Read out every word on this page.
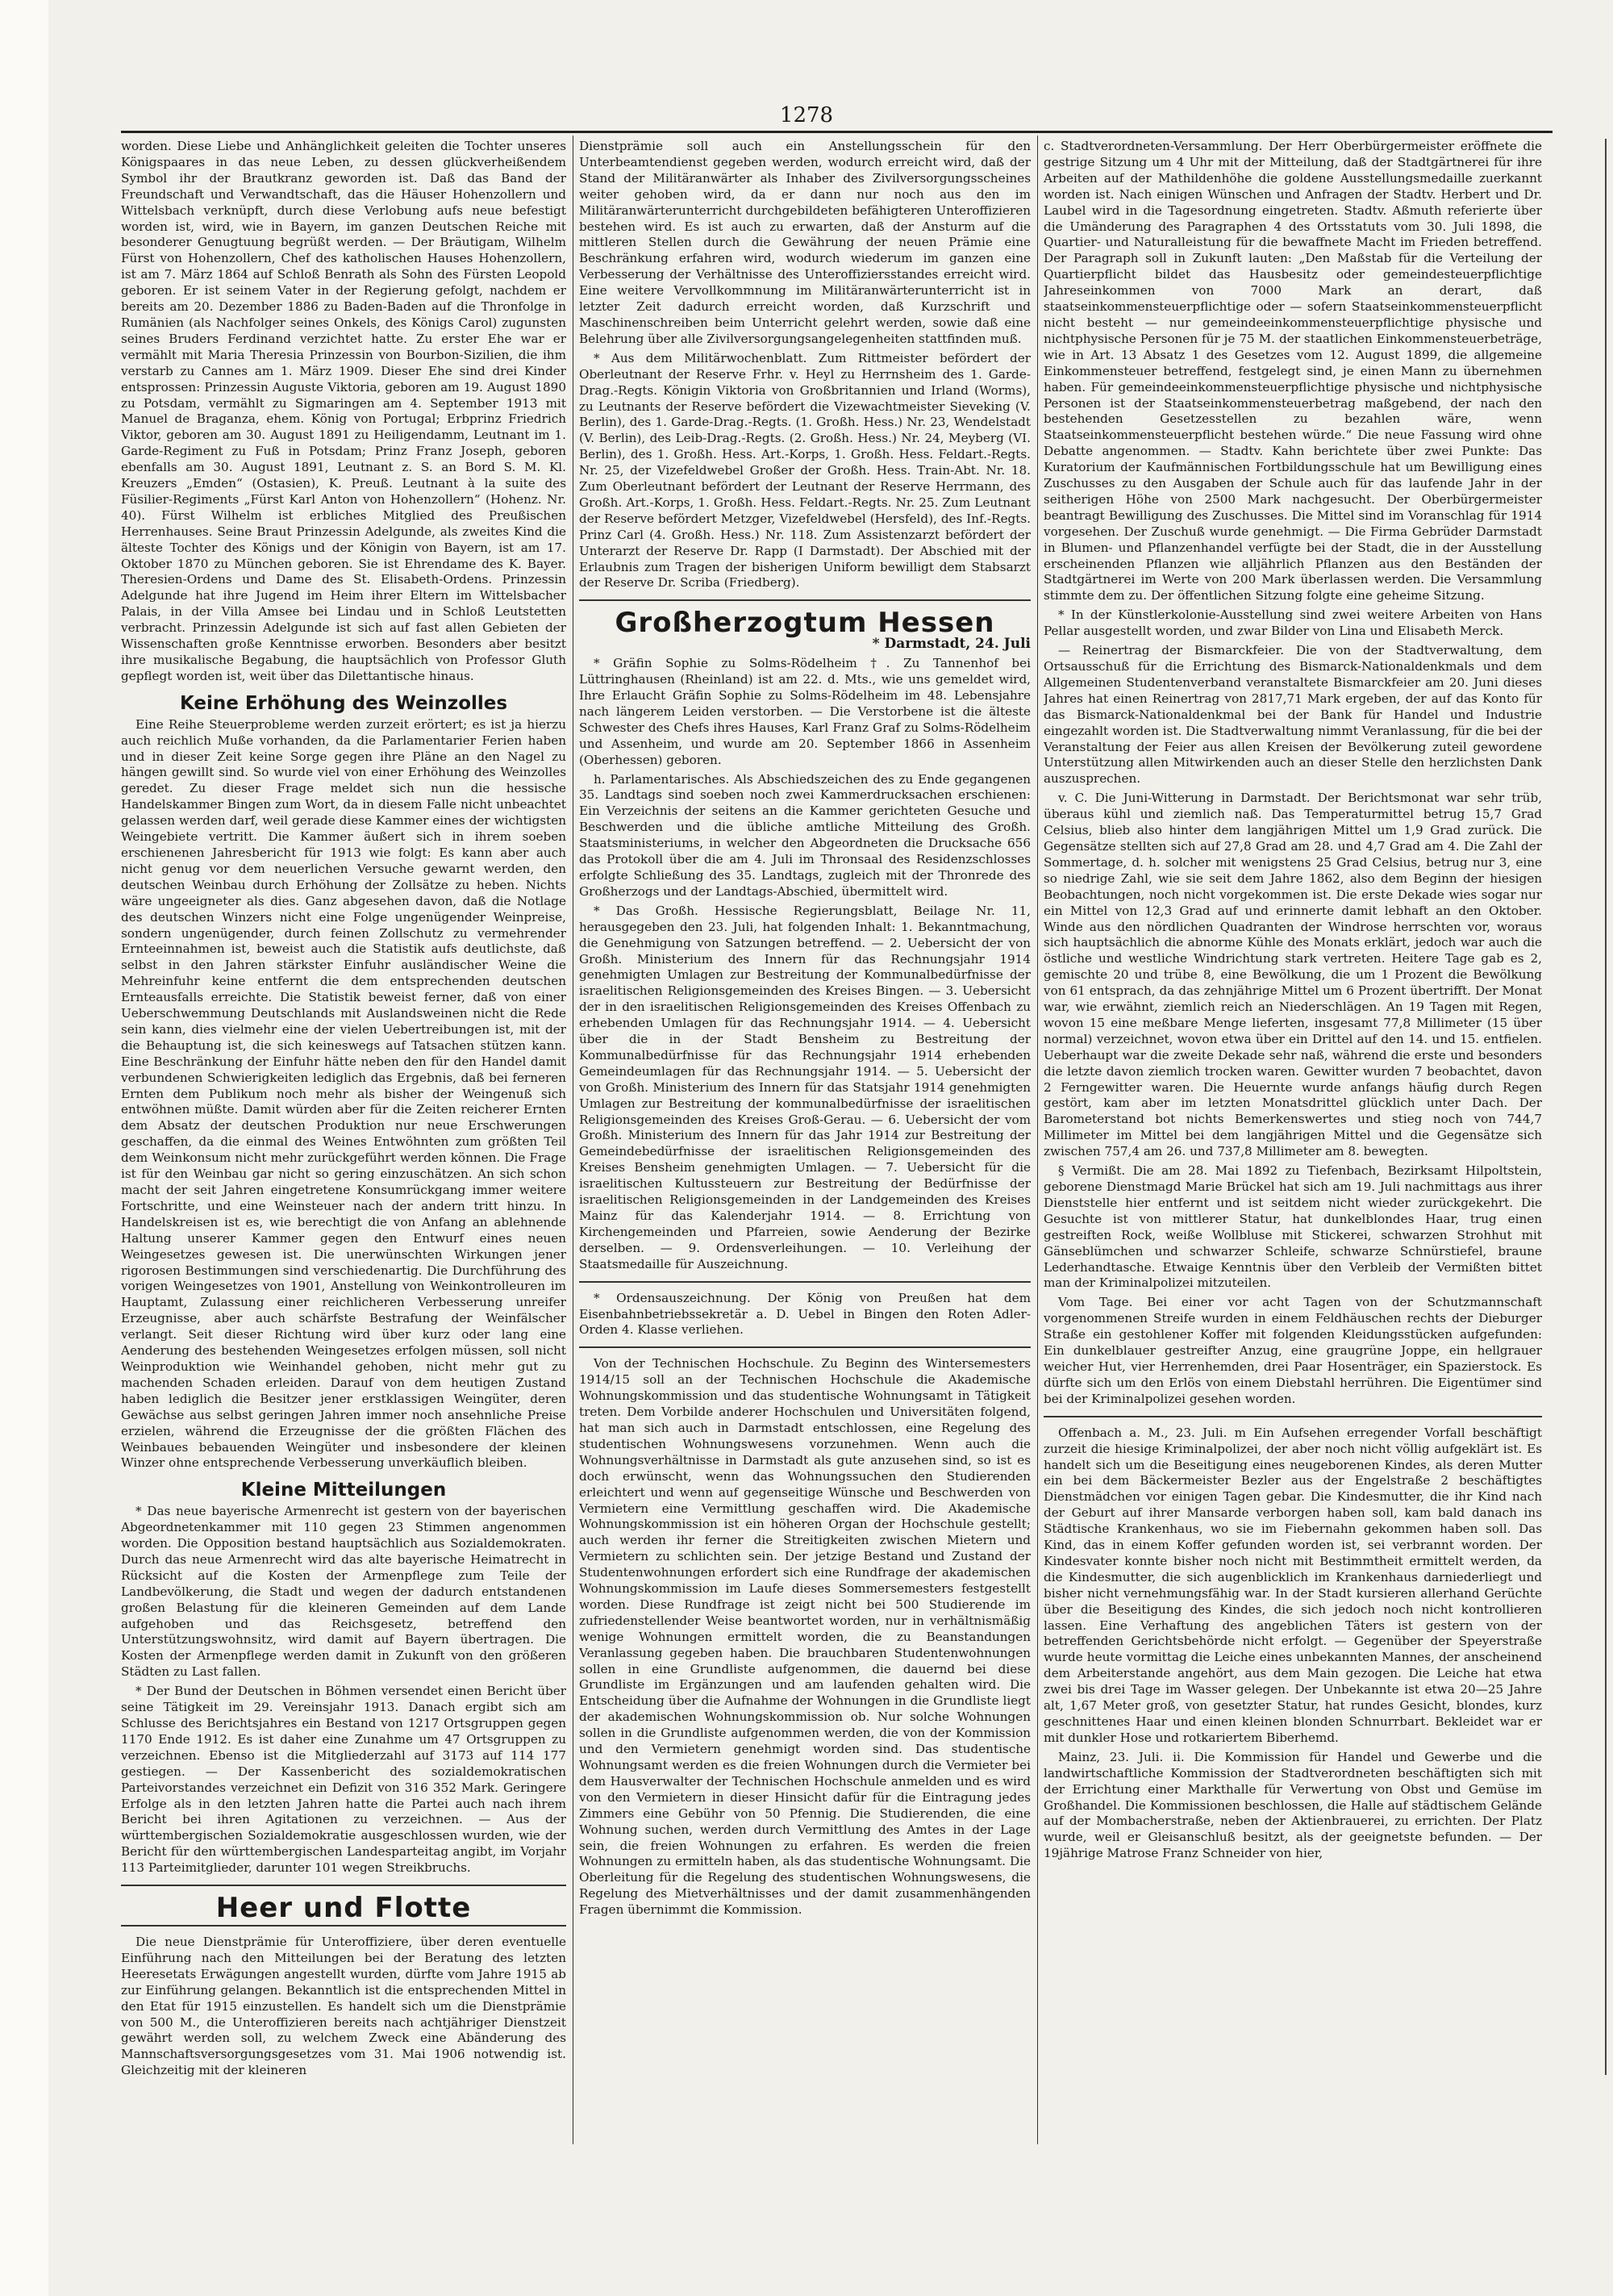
1278

worden. Diese Liebe und Anhänglichkeit geleiten die Tochter unseres Königspaares in das neue Leben, zu dessen glückverheißendem Symbol ihr der Brautkranz geworden ist. Daß das Band der Freundschaft und Verwandtschaft, das die Häuser Hohenzollern und Wittelsbach verknüpft, durch diese Verlobung aufs neue befestigt worden ist, wird, wie in Bayern, im ganzen Deutschen Reiche mit besonderer Genugtuung begrüßt werden. — Der Bräutigam, Wilhelm Fürst von Hohenzollern, Chef des katholischen Hauses Hohenzollern, ist am 7. März 1864 auf Schloß Benrath als Sohn des Fürsten Leopold geboren. Er ist seinem Vater in der Regierung gefolgt, nachdem er bereits am 20. Dezember 1886 zu Baden-Baden auf die Thronfolge in Rumänien (als Nachfolger seines Onkels, des Königs Carol) zugunsten seines Bruders Ferdinand verzichtet hatte. Zu erster Ehe war er vermählt mit Maria Theresia Prinzessin von Bourbon-Sizilien, die ihm verstarb zu Cannes am 1. März 1909. Dieser Ehe sind drei Kinder entsprossen: Prinzessin Auguste Viktoria, geboren am 19. August 1890 zu Potsdam, vermählt zu Sigmaringen am 4. September 1913 mit Manuel de Braganza, ehem. König von Portugal; Erbprinz Friedrich Viktor, geboren am 30. August 1891 zu Heiligendamm, Leutnant im 1. Garde-Regiment zu Fuß in Potsdam; Prinz Franz Joseph, geboren ebenfalls am 30. August 1891, Leutnant z. S. an Bord S. M. Kl. Kreuzers „Emden“ (Ostasien), K. Preuß. Leutnant à la suite des Füsilier-Regiments „Fürst Karl Anton von Hohenzollern“ (Hohenz. Nr. 40). Fürst Wilhelm ist erbliches Mitglied des Preußischen Herrenhauses. Seine Braut Prinzessin Adelgunde, als zweites Kind die älteste Tochter des Königs und der Königin von Bayern, ist am 17. Oktober 1870 zu München geboren. Sie ist Ehrendame des K. Bayer. Theresien-Ordens und Dame des St. Elisabeth-Ordens. Prinzessin Adelgunde hat ihre Jugend im Heim ihrer Eltern im Wittelsbacher Palais, in der Villa Amsee bei Lindau und in Schloß Leutstetten verbracht. Prinzessin Adelgunde ist sich auf fast allen Gebieten der Wissenschaften große Kenntnisse erworben. Besonders aber besitzt ihre musikalische Begabung, die hauptsächlich von Professor Gluth gepflegt worden ist, weit über das Dilettantische hinaus.

Keine Erhöhung des Weinzolles

Eine Reihe Steuerprobleme werden zurzeit erörtert; es ist ja hierzu auch reichlich Muße vorhanden, da die Parlamentarier Ferien haben und in dieser Zeit keine Sorge gegen ihre Pläne an den Nagel zu hängen gewillt sind. So wurde viel von einer Erhöhung des Weinzolles geredet. Zu dieser Frage meldet sich nun die hessische Handelskammer Bingen zum Wort, da in diesem Falle nicht unbeachtet gelassen werden darf, weil gerade diese Kammer eines der wichtigsten Weingebiete vertritt. Die Kammer äußert sich in ihrem soeben erschienenen Jahresbericht für 1913 wie folgt: Es kann aber auch nicht genug vor dem neuerlichen Versuche gewarnt werden, den deutschen Weinbau durch Erhöhung der Zollsätze zu heben. Nichts wäre ungeeigneter als dies. Ganz abgesehen davon, daß die Notlage des deutschen Winzers nicht eine Folge ungenügender Weinpreise, sondern ungenügender, durch feinen Zollschutz zu vermehrender Ernteeinnahmen ist, beweist auch die Statistik aufs deutlichste, daß selbst in den Jahren stärkster Einfuhr ausländischer Weine die Mehreinfuhr keine entfernt die dem entsprechenden deutschen Ernteausfalls erreichte. Die Statistik beweist ferner, daß von einer Ueberschwemmung Deutschlands mit Auslandsweinen nicht die Rede sein kann, dies vielmehr eine der vielen Uebertreibungen ist, mit der die Behauptung ist, die sich keineswegs auf Tatsachen stützen kann. Eine Beschränkung der Einfuhr hätte neben den für den Handel damit verbundenen Schwierigkeiten lediglich das Ergebnis, daß bei ferneren Ernten dem Publikum noch mehr als bisher der Weingenuß sich entwöhnen müßte. Damit würden aber für die Zeiten reicherer Ernten dem Absatz der deutschen Produktion nur neue Erschwerungen geschaffen, da die einmal des Weines Entwöhnten zum größten Teil dem Weinkonsum nicht mehr zurückgeführt werden können. Die Frage ist für den Weinbau gar nicht so gering einzuschätzen. An sich schon macht der seit Jahren eingetretene Konsumrückgang immer weitere Fortschritte, und eine Weinsteuer nach der andern tritt hinzu. In Handelskreisen ist es, wie berechtigt die von Anfang an ablehnende Haltung unserer Kammer gegen den Entwurf eines neuen Weingesetzes gewesen ist. Die unerwünschten Wirkungen jener rigorosen Bestimmungen sind verschiedenartig. Die Durchführung des vorigen Weingesetzes von 1901, Anstellung von Weinkontrolleuren im Hauptamt, Zulassung einer reichlicheren Verbesserung unreifer Erzeugnisse, aber auch schärfste Bestrafung der Weinfälscher verlangt. Seit dieser Richtung wird über kurz oder lang eine Aenderung des bestehenden Weingesetzes erfolgen müssen, soll nicht Weinproduktion wie Weinhandel gehoben, nicht mehr gut zu machenden Schaden erleiden. Darauf von dem heutigen Zustand haben lediglich die Besitzer jener erstklassigen Weingüter, deren Gewächse aus selbst geringen Jahren immer noch ansehnliche Preise erzielen, während die Erzeugnisse der die größten Flächen des Weinbaues bebauenden Weingüter und insbesondere der kleinen Winzer ohne entsprechende Verbesserung unverkäuflich bleiben.

Kleine Mitteilungen

* Das neue bayerische Armenrecht ist gestern von der bayerischen Abgeordnetenkammer mit 110 gegen 23 Stimmen angenommen worden. Die Opposition bestand hauptsächlich aus Sozialdemokraten. Durch das neue Armenrecht wird das alte bayerische Heimatrecht in Rücksicht auf die Kosten der Armenpflege zum Teile der Landbevölkerung, die Stadt und wegen der dadurch entstandenen großen Belastung für die kleineren Gemeinden auf dem Lande aufgehoben und das Reichsgesetz, betreffend den Unterstützungswohnsitz, wird damit auf Bayern übertragen. Die Kosten der Armenpflege werden damit in Zukunft von den größeren Städten zu Last fallen.

* Der Bund der Deutschen in Böhmen versendet einen Bericht über seine Tätigkeit im 29. Vereinsjahr 1913. Danach ergibt sich am Schlusse des Berichtsjahres ein Bestand von 1217 Ortsgruppen gegen 1170 Ende 1912. Es ist daher eine Zunahme um 47 Ortsgruppen zu verzeichnen. Ebenso ist die Mitgliederzahl auf 3173 auf 114 177 gestiegen. — Der Kassenbericht des sozialdemokratischen Parteivorstandes verzeichnet ein Defizit von 316 352 Mark. Geringere Erfolge als in den letzten Jahren hatte die Partei auch nach ihrem Bericht bei ihren Agitationen zu verzeichnen. — Aus der württembergischen Sozialdemokratie ausgeschlossen wurden, wie der Bericht für den württembergischen Landesparteitag angibt, im Vorjahr 113 Parteimitglieder, darunter 101 wegen Streikbruchs.

Heer und Flotte

Die neue Dienstprämie für Unteroffiziere, über deren eventuelle Einführung nach den Mitteilungen bei der Beratung des letzten Heeresetats Erwägungen angestellt wurden, dürfte vom Jahre 1915 ab zur Einführung gelangen. Bekanntlich ist die entsprechenden Mittel in den Etat für 1915 einzustellen. Es handelt sich um die Dienstprämie von 500 M., die Unteroffizieren bereits nach achtjähriger Dienstzeit gewährt werden soll, zu welchem Zweck eine Abänderung des Mannschaftsversorgungsgesetzes vom 31. Mai 1906 notwendig ist. Gleichzeitig mit der kleineren

Dienstprämie soll auch ein Anstellungsschein für den Unterbeamtendienst gegeben werden, wodurch erreicht wird, daß der Stand der Militäranwärter als Inhaber des Zivilversorgungsscheines weiter gehoben wird, da er dann nur noch aus den im Militäranwärterunterricht durchgebildeten befähigteren Unteroffizieren bestehen wird. Es ist auch zu erwarten, daß der Ansturm auf die mittleren Stellen durch die Gewährung der neuen Prämie eine Beschränkung erfahren wird, wodurch wiederum im ganzen eine Verbesserung der Verhältnisse des Unteroffiziersstandes erreicht wird. Eine weitere Vervollkommnung im Militäranwärterunterricht ist in letzter Zeit dadurch erreicht worden, daß Kurzschrift und Maschinenschreiben beim Unterricht gelehrt werden, sowie daß eine Belehrung über alle Zivilversorgungsangelegenheiten stattfinden muß.

* Aus dem Militärwochenblatt. Zum Rittmeister befördert der Oberleutnant der Reserve Frhr. v. Heyl zu Herrnsheim des 1. Garde-Drag.-Regts. Königin Viktoria von Großbritannien und Irland (Worms), zu Leutnants der Reserve befördert die Vizewachtmeister Sieveking (V. Berlin), des 1. Garde-Drag.-Regts. (1. Großh. Hess.) Nr. 23, Wendelstadt (V. Berlin), des Leib-Drag.-Regts. (2. Großh. Hess.) Nr. 24, Meyberg (VI. Berlin), des 1. Großh. Hess. Art.-Korps, 1. Großh. Hess. Feldart.-Regts. Nr. 25, der Vizefeldwebel Großer der Großh. Hess. Train-Abt. Nr. 18. Zum Oberleutnant befördert der Leutnant der Reserve Herrmann, des Großh. Art.-Korps, 1. Großh. Hess. Feldart.-Regts. Nr. 25. Zum Leutnant der Reserve befördert Metzger, Vizefeldwebel (Hersfeld), des Inf.-Regts. Prinz Carl (4. Großh. Hess.) Nr. 118. Zum Assistenzarzt befördert der Unterarzt der Reserve Dr. Rapp (I Darmstadt). Der Abschied mit der Erlaubnis zum Tragen der bisherigen Uniform bewilligt dem Stabsarzt der Reserve Dr. Scriba (Friedberg).

Großherzogtum Hessen
* Darmstadt, 24. Juli

* Gräfin Sophie zu Solms-Rödelheim †. Zu Tannenhof bei Lüttringhausen (Rheinland) ist am 22. d. Mts., wie uns gemeldet wird, Ihre Erlaucht Gräfin Sophie zu Solms-Rödelheim im 48. Lebensjahre nach längerem Leiden verstorben. — Die Verstorbene ist die älteste Schwester des Chefs ihres Hauses, Karl Franz Graf zu Solms-Rödelheim und Assenheim, und wurde am 20. September 1866 in Assenheim (Oberhessen) geboren.

h. Parlamentarisches. Als Abschiedszeichen des zu Ende gegangenen 35. Landtags sind soeben noch zwei Kammerdrucksachen erschienen: Ein Verzeichnis der seitens an die Kammer gerichteten Gesuche und Beschwerden und die übliche amtliche Mitteilung des Großh. Staatsministeriums, in welcher den Abgeordneten die Drucksache 656 das Protokoll über die am 4. Juli im Thronsaal des Residenzschlosses erfolgte Schließung des 35. Landtags, zugleich mit der Thronrede des Großherzogs und der Landtags-Abschied, übermittelt wird.

* Das Großh. Hessische Regierungsblatt, Beilage Nr. 11, herausgegeben den 23. Juli, hat folgenden Inhalt: 1. Bekanntmachung, die Genehmigung von Satzungen betreffend. — 2. Uebersicht der von Großh. Ministerium des Innern für das Rechnungsjahr 1914 genehmigten Umlagen zur Bestreitung der Kommunalbedürfnisse der israelitischen Religionsgemeinden des Kreises Bingen. — 3. Uebersicht der in den israelitischen Religionsgemeinden des Kreises Offenbach zu erhebenden Umlagen für das Rechnungsjahr 1914. — 4. Uebersicht über die in der Stadt Bensheim zu Bestreitung der Kommunalbedürfnisse für das Rechnungsjahr 1914 erhebenden Gemeindeumlagen für das Rechnungsjahr 1914. — 5. Uebersicht der von Großh. Ministerium des Innern für das Statsjahr 1914 genehmigten Umlagen zur Bestreitung der kommunalbedürfnisse der israelitischen Religionsgemeinden des Kreises Groß-Gerau. — 6. Uebersicht der vom Großh. Ministerium des Innern für das Jahr 1914 zur Bestreitung der Gemeindebedürfnisse der israelitischen Religionsgemeinden des Kreises Bensheim genehmigten Umlagen. — 7. Uebersicht für die israelitischen Kultussteuern zur Bestreitung der Bedürfnisse der israelitischen Religionsgemeinden in der Landgemeinden des Kreises Mainz für das Kalenderjahr 1914. — 8. Errichtung von Kirchengemeinden und Pfarreien, sowie Aenderung der Bezirke derselben. — 9. Ordensverleihungen. — 10. Verleihung der Staatsmedaille für Auszeichnung.

* Ordensauszeichnung. Der König von Preußen hat dem Eisenbahnbetriebssekretär a. D. Uebel in Bingen den Roten Adler-Orden 4. Klasse verliehen.

Von der Technischen Hochschule. Zu Beginn des Wintersemesters 1914/15 soll an der Technischen Hochschule die Akademische Wohnungskommission und das studentische Wohnungsamt in Tätigkeit treten. Dem Vorbilde anderer Hochschulen und Universitäten folgend, hat man sich auch in Darmstadt entschlossen, eine Regelung des studentischen Wohnungswesens vorzunehmen. Wenn auch die Wohnungsverhältnisse in Darmstadt als gute anzusehen sind, so ist es doch erwünscht, wenn das Wohnungssuchen den Studierenden erleichtert und wenn auf gegenseitige Wünsche und Beschwerden von Vermietern eine Vermittlung geschaffen wird. Die Akademische Wohnungskommission ist ein höheren Organ der Hochschule gestellt; auch werden ihr ferner die Streitigkeiten zwischen Mietern und Vermietern zu schlichten sein. Der jetzige Bestand und Zustand der Studentenwohnungen erfordert sich eine Rundfrage der akademischen Wohnungskommission im Laufe dieses Sommersemesters festgestellt worden. Diese Rundfrage ist zeigt nicht bei 500 Studierende im zufriedenstellender Weise beantwortet worden, nur in verhältnismäßig wenige Wohnungen ermittelt worden, die zu Beanstandungen Veranlassung gegeben haben. Die brauchbaren Studentenwohnungen sollen in eine Grundliste aufgenommen, die dauernd bei diese Grundliste im Ergänzungen und am laufenden gehalten wird. Die Entscheidung über die Aufnahme der Wohnungen in die Grundliste liegt der akademischen Wohnungskommission ob. Nur solche Wohnungen sollen in die Grundliste aufgenommen werden, die von der Kommission und den Vermietern genehmigt worden sind. Das studentische Wohnungsamt werden es die freien Wohnungen durch die Vermieter bei dem Hausverwalter der Technischen Hochschule anmelden und es wird von den Vermietern in dieser Hinsicht dafür für die Eintragung jedes Zimmers eine Gebühr von 50 Pfennig. Die Studierenden, die eine Wohnung suchen, werden durch Vermittlung des Amtes in der Lage sein, die freien Wohnungen zu erfahren. Es werden die freien Wohnungen zu ermitteln haben, als das studentische Wohnungsamt. Die Oberleitung für die Regelung des studentischen Wohnungswesens, die Regelung des Mietverhältnisses und der damit zusammenhängenden Fragen übernimmt die Kommission.

c. Stadtverordneten-Versammlung. Der Herr Oberbürgermeister eröffnete die gestrige Sitzung um 4 Uhr mit der Mitteilung, daß der Stadtgärtnerei für ihre Arbeiten auf der Mathildenhöhe die goldene Ausstellungsmedaille zuerkannt worden ist. Nach einigen Wünschen und Anfragen der Stadtv. Herbert und Dr. Laubel wird in die Tagesordnung eingetreten. Stadtv. Aßmuth referierte über die Umänderung des Paragraphen 4 des Ortsstatuts vom 30. Juli 1898, die Quartier- und Naturalleistung für die bewaffnete Macht im Frieden betreffend. Der Paragraph soll in Zukunft lauten: „Den Maßstab für die Verteilung der Quartierpflicht bildet das Hausbesitz oder gemeindesteuerpflichtige Jahreseinkommen von 7000 Mark an derart, daß staatseinkommensteuerpflichtige oder — sofern Staatseinkommensteuerpflicht nicht besteht — nur gemeindeeinkommensteuerpflichtige physische und nichtphysische Personen für je 75 M. der staatlichen Einkommensteuerbeträge, wie in Art. 13 Absatz 1 des Gesetzes vom 12. August 1899, die allgemeine Einkommensteuer betreffend, festgelegt sind, je einen Mann zu übernehmen haben. Für gemeindeeinkommensteuerpflichtige physische und nichtphysische Personen ist der Staatseinkommensteuerbetrag maßgebend, der nach den bestehenden Gesetzesstellen zu bezahlen wäre, wenn Staatseinkommensteuerpflicht bestehen würde.“ Die neue Fassung wird ohne Debatte angenommen. — Stadtv. Kahn berichtete über zwei Punkte: Das Kuratorium der Kaufmännischen Fortbildungsschule hat um Bewilligung eines Zuschusses zu den Ausgaben der Schule auch für das laufende Jahr in der seitherigen Höhe von 2500 Mark nachgesucht. Der Oberbürgermeister beantragt Bewilligung des Zuschusses. Die Mittel sind im Voranschlag für 1914 vorgesehen. Der Zuschuß wurde genehmigt. — Die Firma Gebrüder Darmstadt in Blumen- und Pflanzenhandel verfügte bei der Stadt, die in der Ausstellung erscheinenden Pflanzen wie alljährlich Pflanzen aus den Beständen der Stadtgärtnerei im Werte von 200 Mark überlassen werden. Die Versammlung stimmte dem zu. Der öffentlichen Sitzung folgte eine geheime Sitzung.

* In der Künstlerkolonie-Ausstellung sind zwei weitere Arbeiten von Hans Pellar ausgestellt worden, und zwar Bilder von Lina und Elisabeth Merck.

— Reinertrag der Bismarckfeier. Die von der Stadtverwaltung, dem Ortsausschuß für die Errichtung des Bismarck-Nationaldenkmals und dem Allgemeinen Studentenverband veranstaltete Bismarckfeier am 20. Juni dieses Jahres hat einen Reinertrag von 2817,71 Mark ergeben, der auf das Konto für das Bismarck-Nationaldenkmal bei der Bank für Handel und Industrie eingezahlt worden ist. Die Stadtverwaltung nimmt Veranlassung, für die bei der Veranstaltung der Feier aus allen Kreisen der Bevölkerung zuteil gewordene Unterstützung allen Mitwirkenden auch an dieser Stelle den herzlichsten Dank auszusprechen.

v. C. Die Juni-Witterung in Darmstadt. Der Berichtsmonat war sehr trüb, überaus kühl und ziemlich naß. Das Temperaturmittel betrug 15,7 Grad Celsius, blieb also hinter dem langjährigen Mittel um 1,9 Grad zurück. Die Gegensätze stellten sich auf 27,8 Grad am 28. und 4,7 Grad am 4. Die Zahl der Sommertage, d. h. solcher mit wenigstens 25 Grad Celsius, betrug nur 3, eine so niedrige Zahl, wie sie seit dem Jahre 1862, also dem Beginn der hiesigen Beobachtungen, noch nicht vorgekommen ist. Die erste Dekade wies sogar nur ein Mittel von 12,3 Grad auf und erinnerte damit lebhaft an den Oktober. Winde aus den nördlichen Quadranten der Windrose herrschten vor, woraus sich hauptsächlich die abnorme Kühle des Monats erklärt, jedoch war auch die östliche und westliche Windrichtung stark vertreten. Heitere Tage gab es 2, gemischte 20 und trübe 8, eine Bewölkung, die um 1 Prozent die Bewölkung von 61 entsprach, da das zehnjährige Mittel um 6 Prozent übertrifft. Der Monat war, wie erwähnt, ziemlich reich an Niederschlägen. An 19 Tagen mit Regen, wovon 15 eine meßbare Menge lieferten, insgesamt 77,8 Millimeter (15 über normal) verzeichnet, wovon etwa über ein Drittel auf den 14. und 15. entfielen. Ueberhaupt war die zweite Dekade sehr naß, während die erste und besonders die letzte davon ziemlich trocken waren. Gewitter wurden 7 beobachtet, davon 2 Ferngewitter waren. Die Heuernte wurde anfangs häufig durch Regen gestört, kam aber im letzten Monatsdrittel glücklich unter Dach. Der Barometerstand bot nichts Bemerkenswertes und stieg noch von 744,7 Millimeter im Mittel bei dem langjährigen Mittel und die Gegensätze sich zwischen 757,4 am 26. und 737,8 Millimeter am 8. bewegten.

§ Vermißt. Die am 28. Mai 1892 zu Tiefenbach, Bezirksamt Hilpoltstein, geborene Dienstmagd Marie Brückel hat sich am 19. Juli nachmittags aus ihrer Dienststelle hier entfernt und ist seitdem nicht wieder zurückgekehrt. Die Gesuchte ist von mittlerer Statur, hat dunkelblondes Haar, trug einen gestreiften Rock, weiße Wollbluse mit Stickerei, schwarzen Strohhut mit Gänseblümchen und schwarzer Schleife, schwarze Schnürstiefel, braune Lederhandtasche. Etwaige Kenntnis über den Verbleib der Vermißten bittet man der Kriminalpolizei mitzuteilen.

Vom Tage. Bei einer vor acht Tagen von der Schutzmannschaft vorgenommenen Streife wurden in einem Feldhäuschen rechts der Dieburger Straße ein gestohlener Koffer mit folgenden Kleidungsstücken aufgefunden: Ein dunkelblauer gestreifter Anzug, eine graugrüne Joppe, ein hellgrauer weicher Hut, vier Herrenhemden, drei Paar Hosenträger, ein Spazierstock. Es dürfte sich um den Erlös von einem Diebstahl herrühren. Die Eigentümer sind bei der Kriminalpolizei gesehen worden.

Offenbach a. M., 23. Juli. m Ein Aufsehen erregender Vorfall beschäftigt zurzeit die hiesige Kriminalpolizei, der aber noch nicht völlig aufgeklärt ist. Es handelt sich um die Beseitigung eines neugeborenen Kindes, als deren Mutter ein bei dem Bäckermeister Bezler aus der Engelstraße 2 beschäftigtes Dienstmädchen vor einigen Tagen gebar. Die Kindesmutter, die ihr Kind nach der Geburt auf ihrer Mansarde verborgen haben soll, kam bald danach ins Städtische Krankenhaus, wo sie im Fiebernahn gekommen haben soll. Das Kind, das in einem Koffer gefunden worden ist, sei verbrannt worden. Der Kindesvater konnte bisher noch nicht mit Bestimmtheit ermittelt werden, da die Kindesmutter, die sich augenblicklich im Krankenhaus darniederliegt und bisher nicht vernehmungsfähig war. In der Stadt kursieren allerhand Gerüchte über die Beseitigung des Kindes, die sich jedoch noch nicht kontrollieren lassen. Eine Verhaftung des angeblichen Täters ist gestern von der betreffenden Gerichtsbehörde nicht erfolgt. — Gegenüber der Speyerstraße wurde heute vormittag die Leiche eines unbekannten Mannes, der anscheinend dem Arbeiterstande angehört, aus dem Main gezogen. Die Leiche hat etwa zwei bis drei Tage im Wasser gelegen. Der Unbekannte ist etwa 20—25 Jahre alt, 1,67 Meter groß, von gesetzter Statur, hat rundes Gesicht, blondes, kurz geschnittenes Haar und einen kleinen blonden Schnurrbart. Bekleidet war er mit dunkler Hose und rotkariertem Biberhemd.

Mainz, 23. Juli. ii. Die Kommission für Handel und Gewerbe und die landwirtschaftliche Kommission der Stadtverordneten beschäftigten sich mit der Errichtung einer Markthalle für Verwertung von Obst und Gemüse im Großhandel. Die Kommissionen beschlossen, die Halle auf städtischem Gelände auf der Mombacherstraße, neben der Aktienbrauerei, zu errichten. Der Platz wurde, weil er Gleisanschluß besitzt, als der geeignetste befunden. — Der 19jährige Matrose Franz Schneider von hier,
